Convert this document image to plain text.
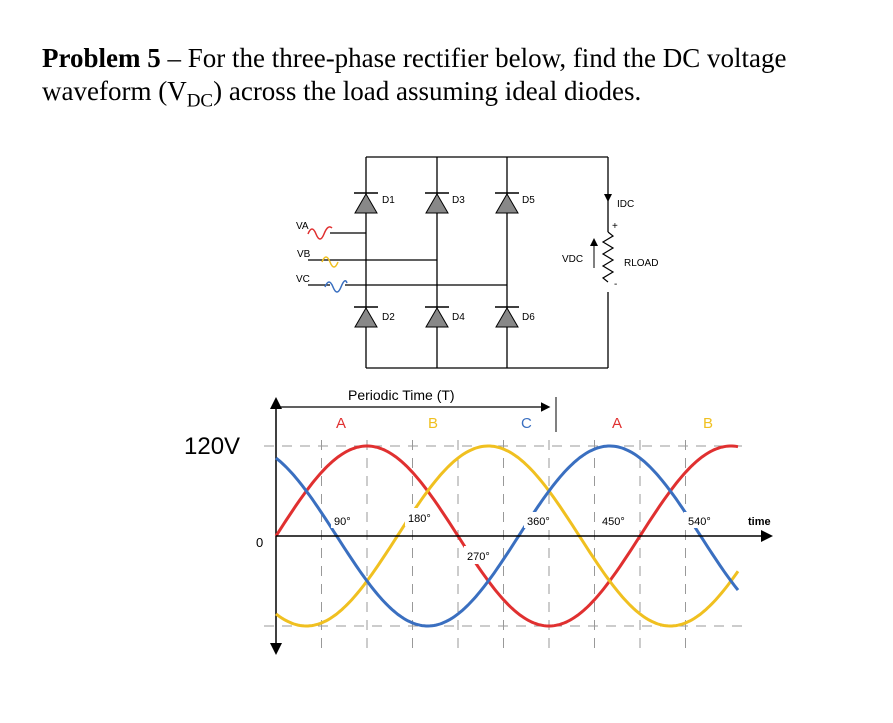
Problem 5 – For the three-phase rectifier below, find the DC voltage
waveform $(V_{DC})$ across the load assuming ideal diodes.
D1	D3	D5
D2	D4	D6
VA
VB
VC
IDC
+
-
RLOAD
VDC
Periodic Time (T)
A	B	C	A	B
120V
0
time
90°	180°
270°
360°	450°	540°
